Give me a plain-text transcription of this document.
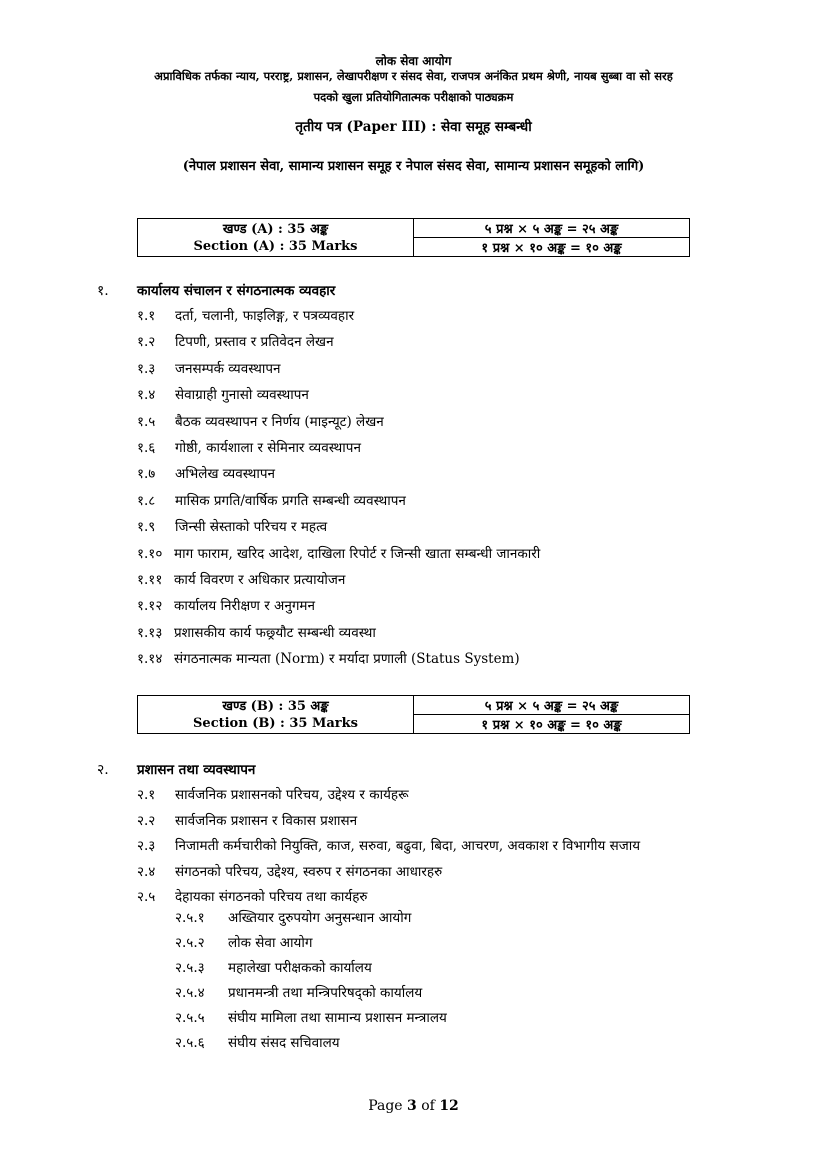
लोक सेवा आयोग
अप्राविधिक तर्फका न्याय, परराष्ट्र, प्रशासन, लेखापरीक्षण र संसद सेवा, राजपत्र अनंकित प्रथम श्रेणी, नायब सुब्बा वा सो सरह
पदको खुला प्रतियोगितात्मक परीक्षाको पाठ्यक्रम
तृतीय पत्र (Paper III) : सेवा समूह सम्बन्धी
(नेपाल प्रशासन सेवा, सामान्य प्रशासन समूह र नेपाल संसद सेवा, सामान्य प्रशासन समूहको लागि)
खण्ड (A) : 35 अङ्क	५ प्रश्न × ५ अङ्क = २५ अङ्क
Section (A) : 35 Marks	१ प्रश्न × १० अङ्क = १० अङ्क
१. कार्यालय संचालन र संगठनात्मक व्यवहार
१.१ दर्ता, चलानी, फाइलिङ्ग, र पत्रव्यवहार
१.२ टिपणी, प्रस्ताव र प्रतिवेदन लेखन
१.३ जनसम्पर्क व्यवस्थापन
१.४ सेवाग्राही गुनासो व्यवस्थापन
१.५ बैठक व्यवस्थापन र निर्णय (माइन्यूट) लेखन
१.६ गोष्ठी, कार्यशाला र सेमिनार व्यवस्थापन
१.७ अभिलेख व्यवस्थापन
१.८ मासिक प्रगति/वार्षिक प्रगति सम्बन्धी व्यवस्थापन
१.९ जिन्सी स्रेस्ताको परिचय र महत्व
१.१० माग फाराम, खरिद आदेश, दाखिला रिपोर्ट र जिन्सी खाता सम्बन्धी जानकारी
१.११ कार्य विवरण र अधिकार प्रत्यायोजन
१.१२ कार्यालय निरीक्षण र अनुगमन
१.१३ प्रशासकीय कार्य फछ्र्यौट सम्बन्धी व्यवस्था
१.१४ संगठनात्मक मान्यता (Norm) र मर्यादा प्रणाली (Status System)
खण्ड (B) : 35 अङ्क	५ प्रश्न × ५ अङ्क = २५ अङ्क
Section (B) : 35 Marks	१ प्रश्न × १० अङ्क = १० अङ्क
२. प्रशासन तथा व्यवस्थापन
२.१ सार्वजनिक प्रशासनको परिचय, उद्देश्य र कार्यहरू
२.२ सार्वजनिक प्रशासन र विकास प्रशासन
२.३ निजामती कर्मचारीको नियुक्ति, काज, सरुवा, बढुवा, बिदा, आचरण, अवकाश र विभागीय सजाय
२.४ संगठनको परिचय, उद्देश्य, स्वरुप र संगठनका आधारहरु
२.५ देहायका संगठनको परिचय तथा कार्यहरु
२.५.१ अख्तियार दुरुपयोग अनुसन्धान आयोग
२.५.२ लोक सेवा आयोग
२.५.३ महालेखा परीक्षकको कार्यालय
२.५.४ प्रधानमन्त्री तथा मन्त्रिपरिषद्को कार्यालय
२.५.५ संघीय मामिला तथा सामान्य प्रशासन मन्त्रालय
२.५.६ संघीय संसद सचिवालय
Page 3 of 12
